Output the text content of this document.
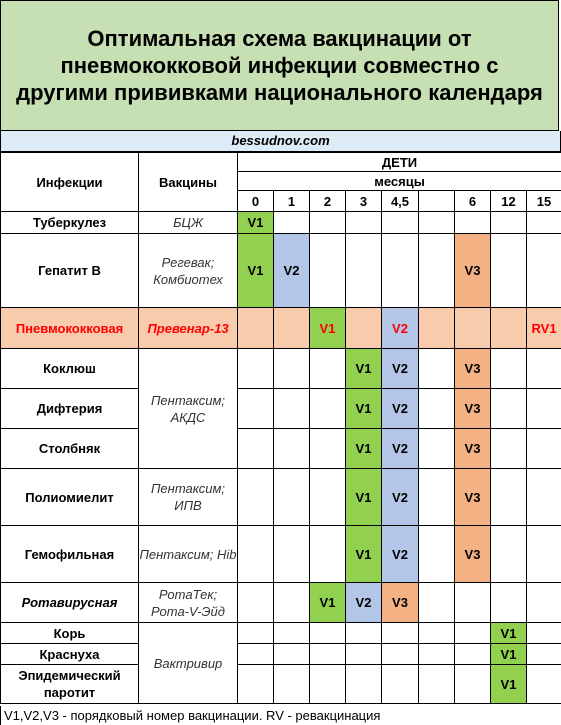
Оптимальная схема вакцинации от пневмококковой инфекции совместно с другими прививками национального календаря
bessudnov.com
Инфекции	Вакцины	ДЕТИ								
		месяцы								
		0	1	2	3	4,5		6	12	15
Туберкулез	БЦЖ	V1								
Гепатит В	Регевак; Комбиотех	V1	V2					V3		
Пневмококковая	Превенар-13			V1		V2				RV1
Коклюш	Пентаксим; АКДС				V1	V2		V3		
Дифтерия					V1	V2		V3		
Столбняк					V1	V2		V3		
Полиомиелит	Пентаксим; ИПВ				V1	V2		V3		
Гемофильная	Пентаксим; Hib				V1	V2		V3		
Ротавирусная	РотаТек; Рота-V-Эйд			V1	V2	V3				
Корь	Вактривир								V1	
Краснуха									V1	
Эпидемический паротит									V1	
V1,V2,V3 - порядковый номер вакцинации. RV - ревакцинация
